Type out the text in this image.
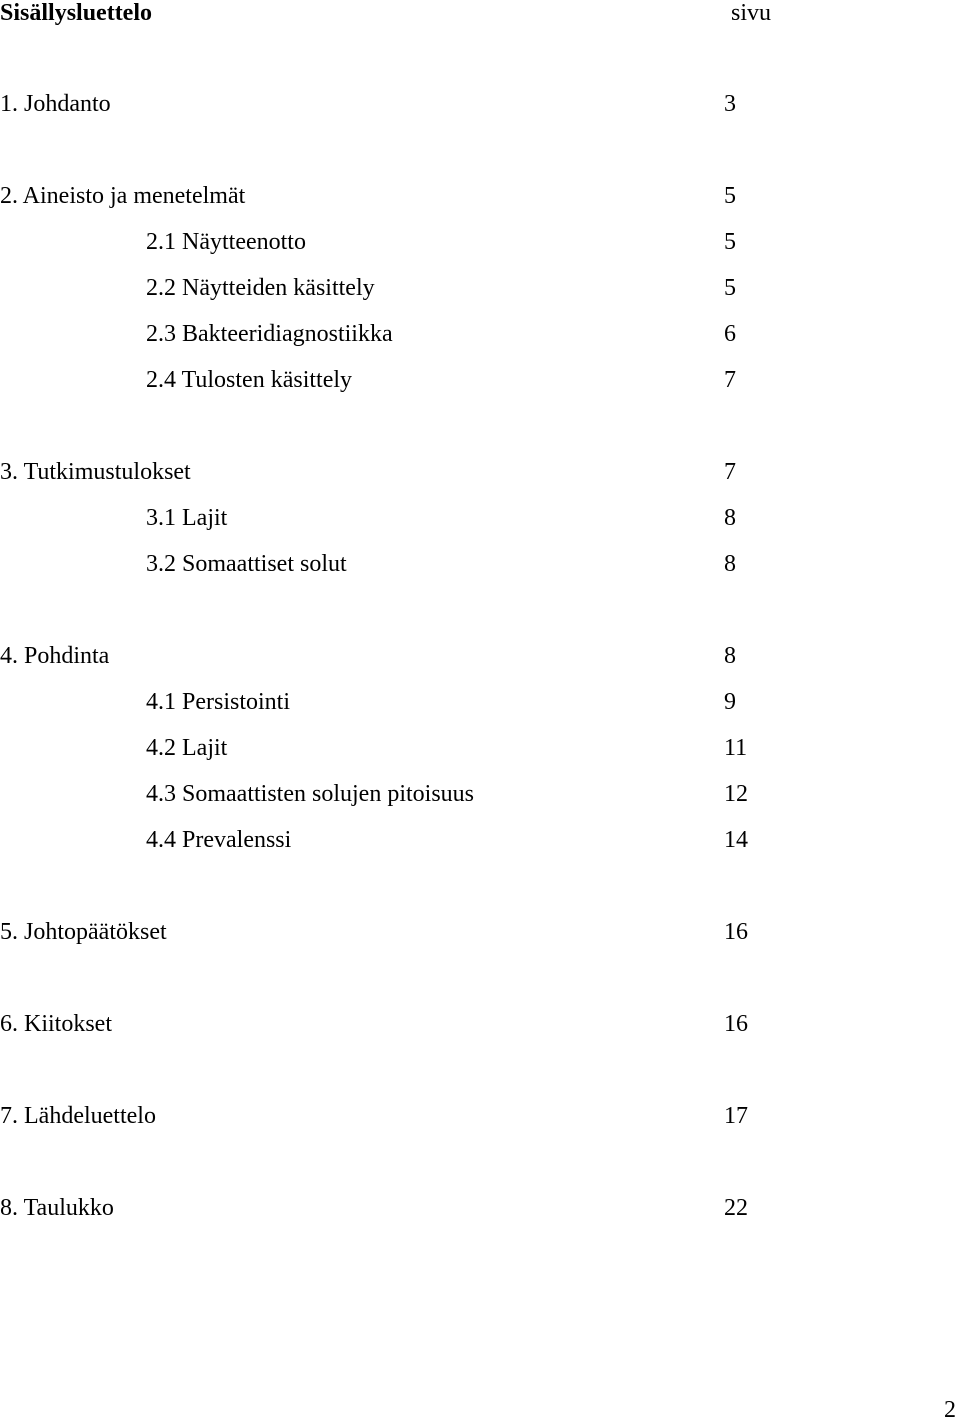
Sisällysluettelo	sivu
1. Johdanto	3
2. Aineisto ja menetelmät	5
2.1 Näytteenotto	5
2.2 Näytteiden käsittely	5
2.3 Bakteeridiagnostiikka	6
2.4 Tulosten käsittely	7
3. Tutkimustulokset	7
3.1 Lajit	8
3.2 Somaattiset solut	8
4. Pohdinta	8
4.1 Persistointi	9
4.2 Lajit	11
4.3 Somaattisten solujen pitoisuus	12
4.4 Prevalenssi	14
5. Johtopäätökset	16
6. Kiitokset	16
7. Lähdeluettelo	17
8. Taulukko	22
2
